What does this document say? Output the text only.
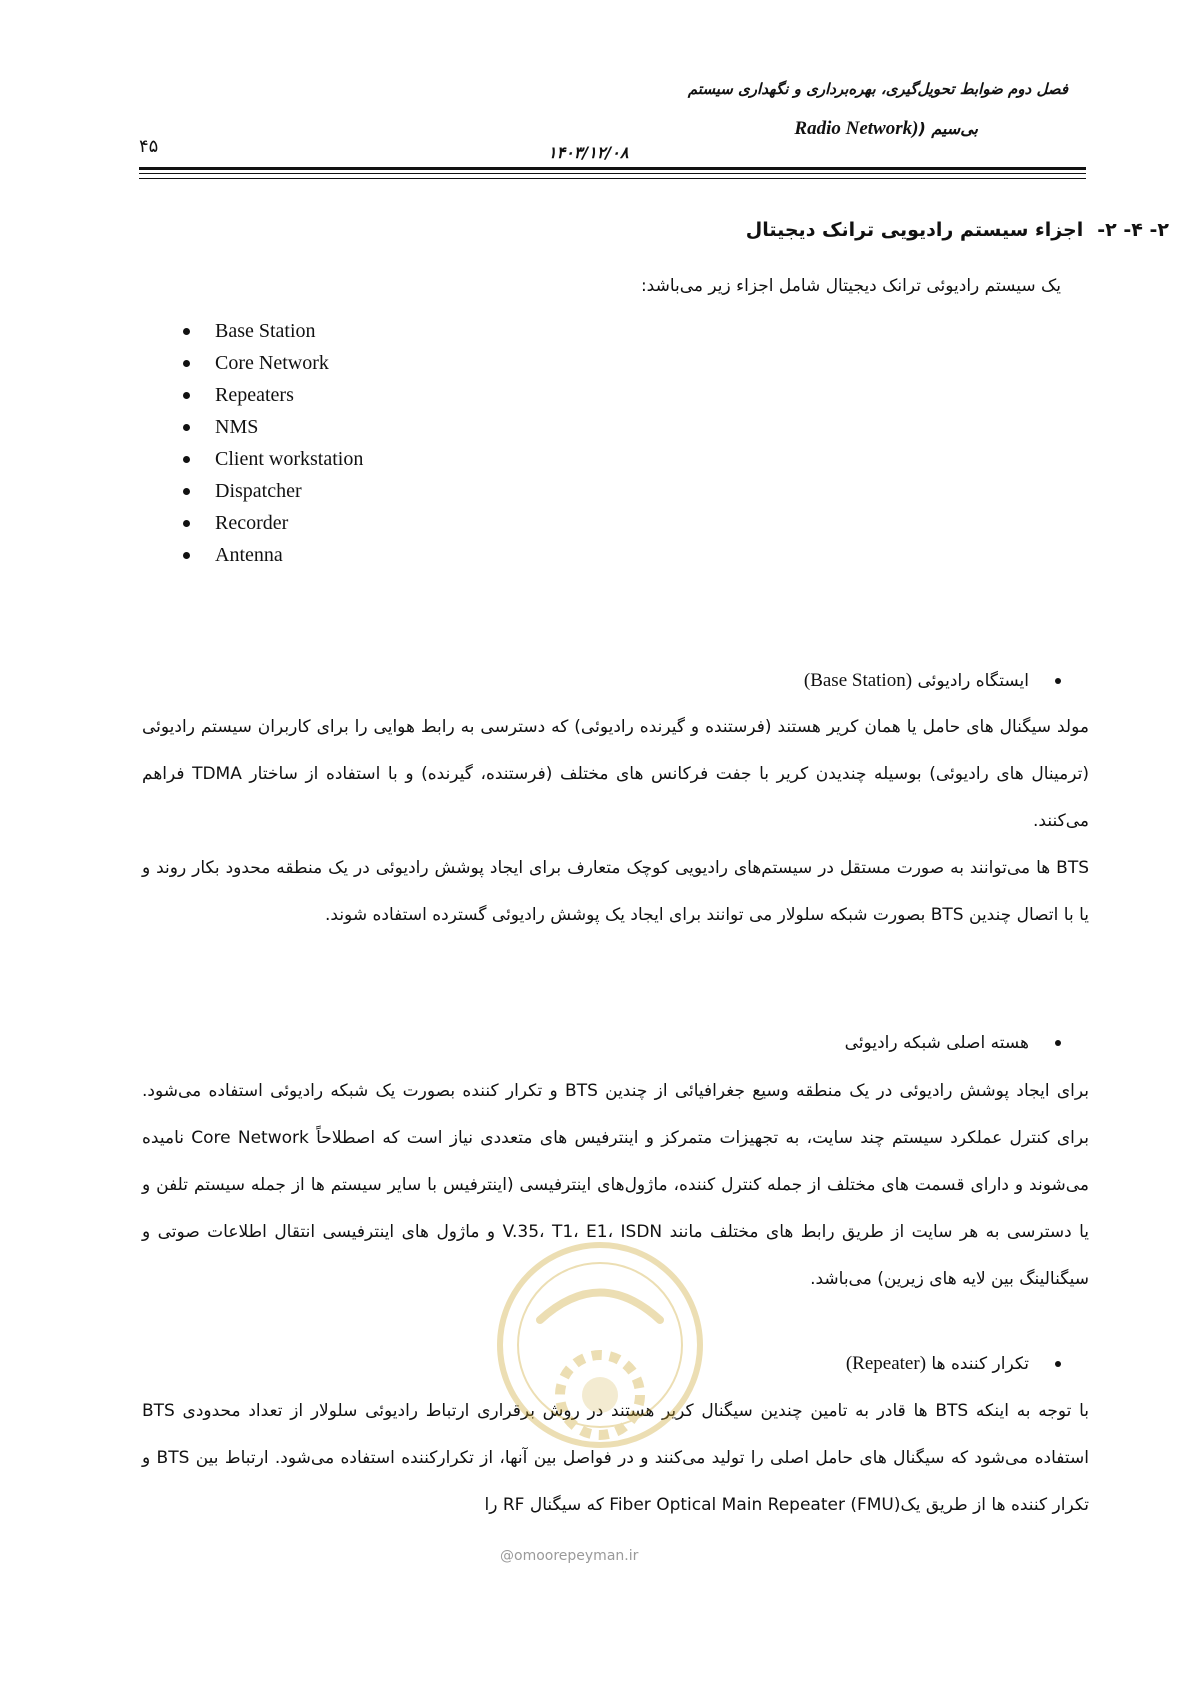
فصل دوم ضوابط تحویل‌گیری، بهره‌برداری و نگهداری سیستم
بی‌سیم (Radio Network)
۴۵	۱۴۰۳/۱۲/۰۸
۲- ۴- ۲-اجزاء سیستم رادیویی ترانک دیجیتال
یک سیستم رادیوئی ترانک دیجیتال شامل اجزاء زیر می‌باشد:
Base Station
Core Network
Repeaters
NMS
Client workstation
Dispatcher
Recorder
Antenna
ایستگاه رادیوئی (Base Station)

مولد سیگنال های حامل یا همان کریر هستند (فرستنده و گیرنده رادیوئی) که دسترسی به رابط هوایی را برای کاربران سیستم رادیوئی (ترمینال های رادیوئی) بوسیله چندیدن کریر با جفت فرکانس های مختلف (فرستنده، گیرنده) و با استفاده از ساختار TDMA فراهم می‌کنند.

BTS ها می‌توانند به صورت مستقل در سیستم‌های رادیویی کوچک متعارف برای ایجاد پوشش رادیوئی در یک منطقه محدود بکار روند و یا با اتصال چندین BTS بصورت شبکه سلولار می توانند برای ایجاد یک پوشش رادیوئی گسترده استفاده شوند.

هسته اصلی شبکه رادیوئی

برای ایجاد پوشش رادیوئی در یک منطقه وسیع جغرافیائی از چندین BTS و تکرار کننده بصورت یک شبکه رادیوئی استفاده می‌شود. برای کنترل عملکرد سیستم چند سایت، به تجهیزات متمرکز و اینترفیس های متعددی نیاز است که اصطلاحاً Core Network نامیده می‌شوند و دارای قسمت های مختلف از جمله کنترل کننده، ماژول‌های اینترفیسی (اینترفیس با سایر سیستم ها از جمله سیستم تلفن و یا دسترسی به هر سایت از طریق رابط های مختلف مانند V.35، T1، E1، ISDN و ماژول های اینترفیسی انتقال اطلاعات صوتی و سیگنالینگ بین لایه های زیرین) می‌باشد.

تکرار کننده ها (Repeater)

با توجه به اینکه BTS ها قادر به تامین چندین سیگنال کریر هستند در روش برقراری ارتباط رادیوئی سلولار از تعداد محدودی BTS استفاده می‌شود که سیگنال های حامل اصلی را تولید می‌کنند و در فواصل بین آنها، از تکرارکننده استفاده می‌شود. ارتباط بین BTS و تکرار کننده ها از طریق یک(FMU) Fiber Optical Main Repeater که سیگنال RF را

@omoorepeyman.ir
